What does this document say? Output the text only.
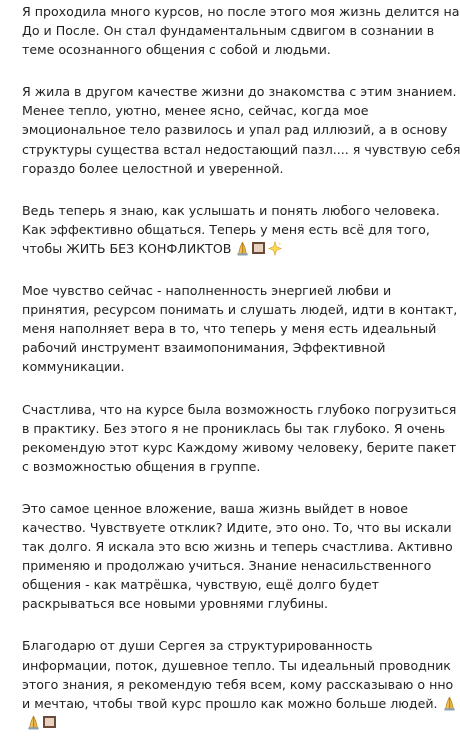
Я проходила много курсов, но после этого моя жизнь делится на
До и После. Он стал фундаментальным сдвигом в сознании в
теме осознанного общения с собой и людьми.

Я жила в другом качестве жизни до знакомства с этим знанием.
Менее тепло, уютно, менее ясно, сейчас, когда мое
эмоциональное тело развилось и упал рад иллюзий, а в основу
структуры существа встал недостающий пазл.... я чувствую себя
гораздо более целостной и уверенной.

Ведь теперь я знаю, как услышать и понять любого человека.
Как эффективно общаться. Теперь у меня есть всё для того,
чтобы ЖИТЬ БЕЗ КОНФЛИКТОВ

Мое чувство сейчас - наполненность энергией любви и
принятия, ресурсом понимать и слушать людей, идти в контакт,
меня наполняет вера в то, что теперь у меня есть идеальный
рабочий инструмент взаимопонимания, Эффективной
коммуникации.

Счастлива, что на курсе была возможность глубоко погрузиться
в практику. Без этого я не прониклась бы так глубоко. Я очень
рекомендую этот курс Каждому живому человеку, берите пакет
с возможностью общения в группе.

Это самое ценное вложение, ваша жизнь выйдет в новое
качество. Чувствуете отклик? Идите, это оно. То, что вы искали
так долго. Я искала это всю жизнь и теперь счастлива. Активно
применяю и продолжаю учиться. Знание ненасильственного
общения - как матрёшка, чувствую, ещё долго будет
раскрываться все новыми уровнями глубины.

Благодарю от души Сергея за структурированность
информации, поток, душевное тепло. Ты идеальный проводник
этого знания, я рекомендую тебя всем, кому рассказываю о нно
и мечтаю, чтобы твой курс прошло как можно больше людей.
